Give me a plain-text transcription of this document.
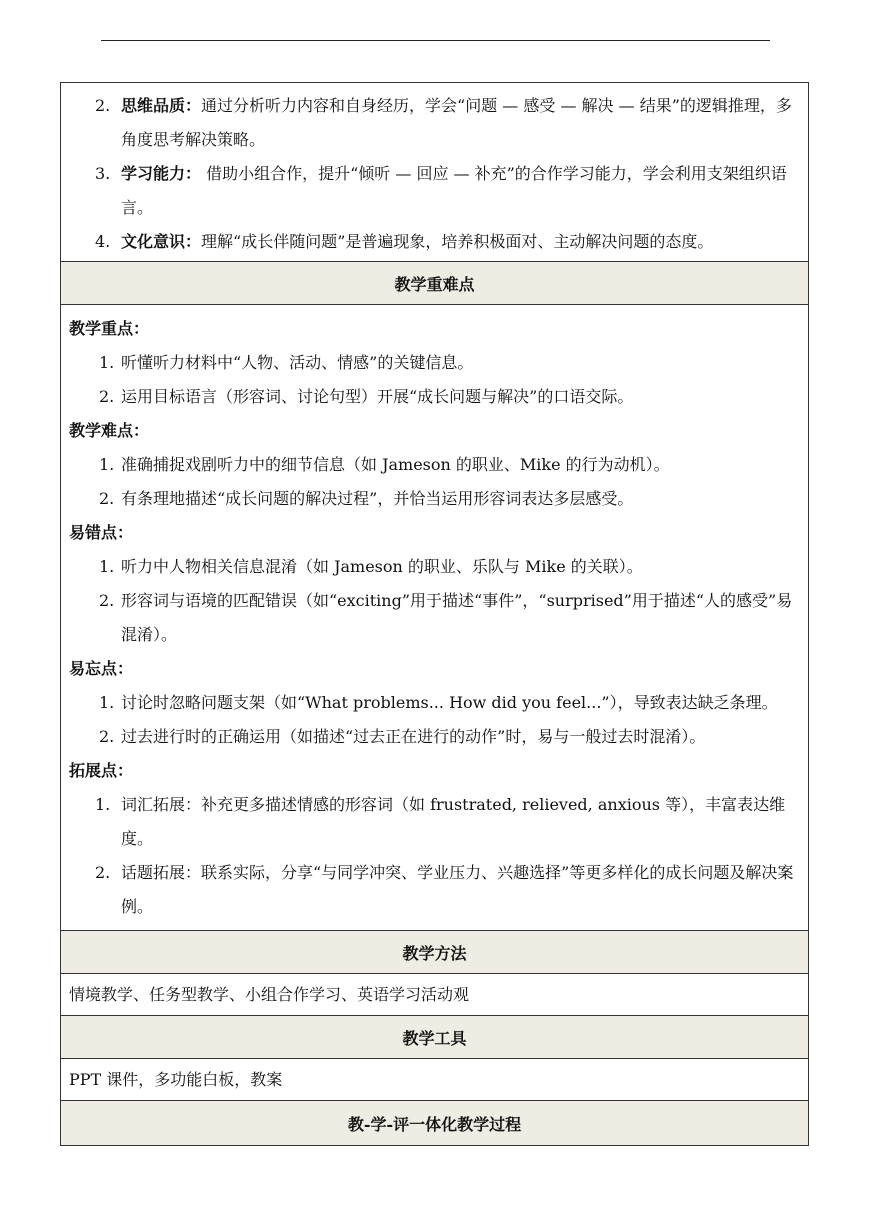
2. 思维品质：通过分析听力内容和自身经历，学会“问题 — 感受 — 解决 — 结果”的逻辑推理，多角度思考解决策略。
3. 学习能力： 借助小组合作，提升“倾听 — 回应 — 补充”的合作学习能力，学会利用支架组织语言。
4. 文化意识：理解“成长伴随问题”是普遍现象，培养积极面对、主动解决问题的态度。

教学重难点

教学重点：
1. 听懂听力材料中“人物、活动、情感”的关键信息。
2. 运用目标语言（形容词、讨论句型）开展“成长问题与解决”的口语交际。
教学难点：
1. 准确捕捉戏剧听力中的细节信息（如 Jameson 的职业、Mike 的行为动机）。
2. 有条理地描述“成长问题的解决过程”，并恰当运用形容词表达多层感受。
易错点：
1. 听力中人物相关信息混淆（如 Jameson 的职业、乐队与 Mike 的关联）。
2. 形容词与语境的匹配错误（如“exciting”用于描述“事件”，“surprised”用于描述“人的感受”易混淆）。
易忘点：
1. 讨论时忽略问题支架（如“What problems... How did you feel...”），导致表达缺乏条理。
2. 过去进行时的正确运用（如描述“过去正在进行的动作”时，易与一般过去时混淆）。
拓展点：
1. 词汇拓展：补充更多描述情感的形容词（如 frustrated, relieved, anxious 等），丰富表达维度。
2. 话题拓展：联系实际，分享“与同学冲突、学业压力、兴趣选择”等更多样化的成长问题及解决案例。

教学方法

情境教学、任务型教学、小组合作学习、英语学习活动观

教学工具

PPT 课件，多功能白板，教案

教-学-评一体化教学过程
